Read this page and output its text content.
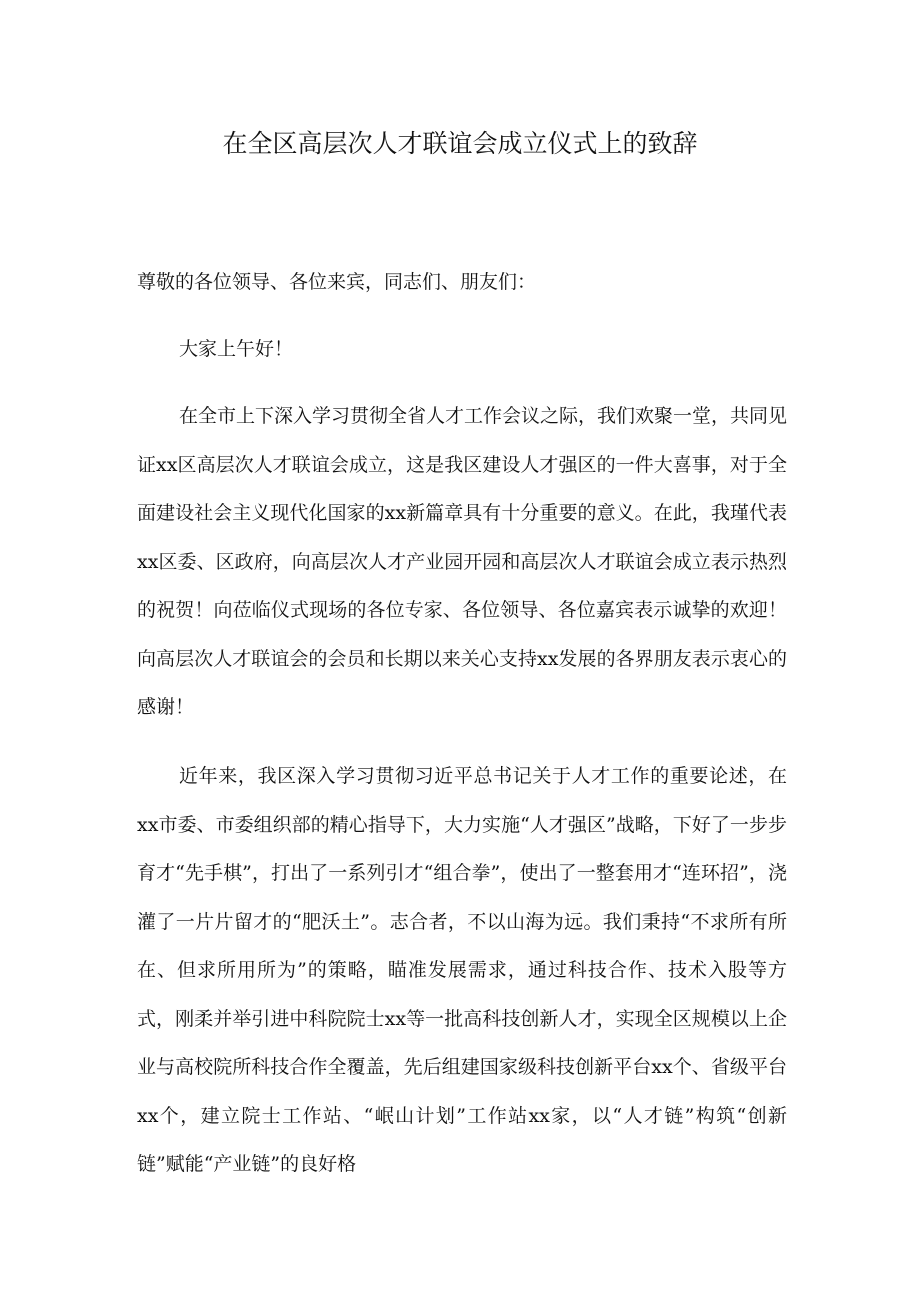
在全区高层次人才联谊会成立仪式上的致辞

尊敬的各位领导、各位来宾，同志们、朋友们：

大家上午好！

在全市上下深入学习贯彻全省人才工作会议之际，我们欢聚一堂，共同见证xx区高层次人才联谊会成立，这是我区建设人才强区的一件大喜事，对于全面建设社会主义现代化国家的xx新篇章具有十分重要的意义。在此，我瑾代表xx区委、区政府，向高层次人才产业园开园和高层次人才联谊会成立表示热烈的祝贺！向莅临仪式现场的各位专家、各位领导、各位嘉宾表示诚挚的欢迎！向高层次人才联谊会的会员和长期以来关心支持xx发展的各界朋友表示衷心的感谢！

近年来，我区深入学习贯彻习近平总书记关于人才工作的重要论述，在xx市委、市委组织部的精心指导下，大力实施“人才强区”战略，下好了一步步育才“先手棋”，打出了一系列引才“组合拳”，使出了一整套用才“连环招”，浇灌了一片片留才的“肥沃土”。志合者，不以山海为远。我们秉持“不求所有所在、但求所用所为”的策略，瞄准发展需求，通过科技合作、技术入股等方式，刚柔并举引进中科院院士xx等一批高科技创新人才，实现全区规模以上企业与高校院所科技合作全覆盖，先后组建国家级科技创新平台xx个、省级平台xx个，建立院士工作站、“岷山计划”工作站xx家，以“人才链”构筑“创新链”赋能“产业链”的良好格
